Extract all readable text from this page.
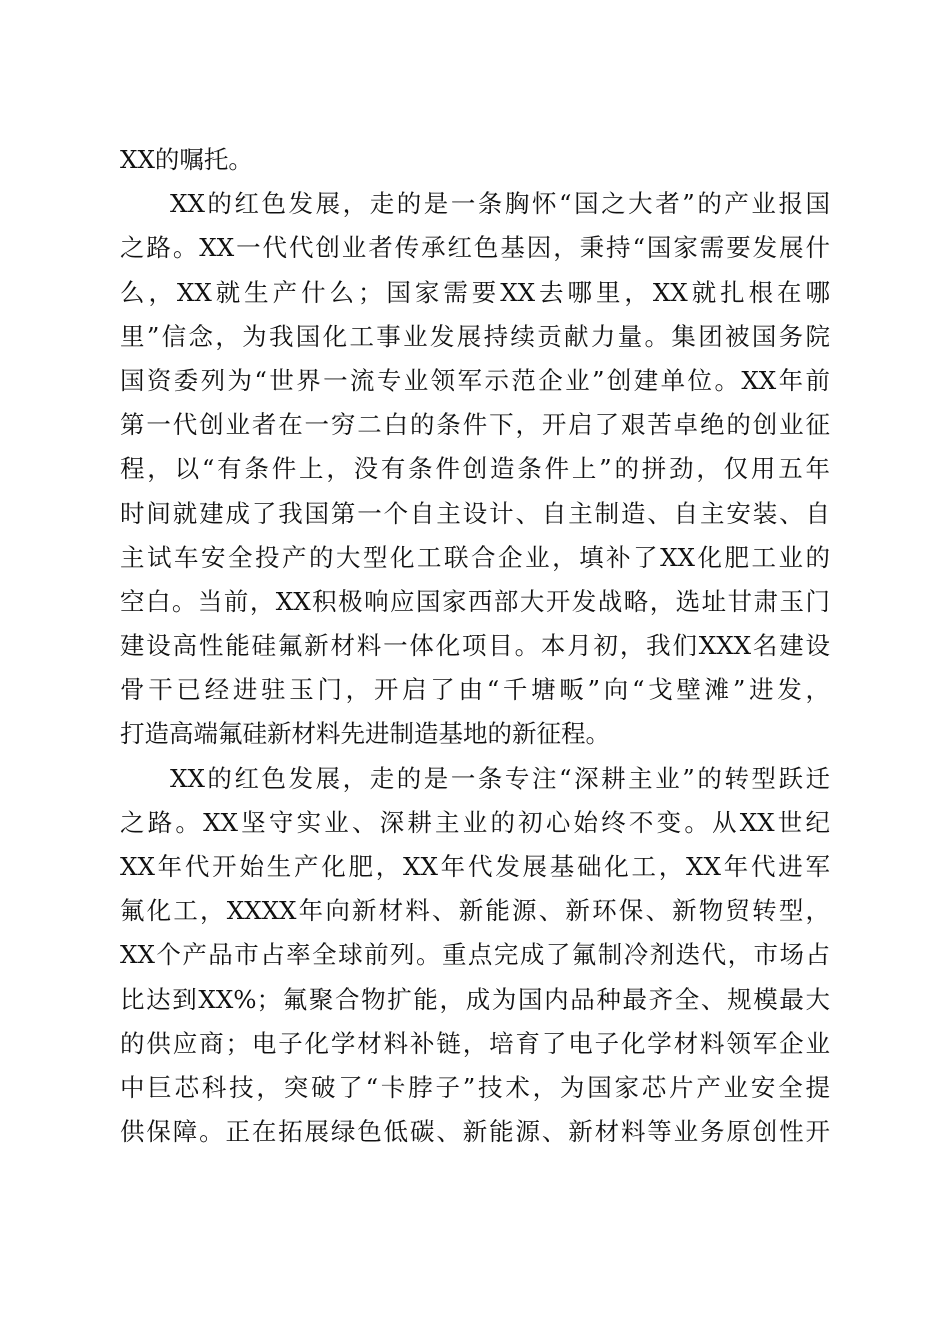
XX的嘱托。
XX的红色发展，走的是一条胸怀“国之大者”的产业报国
之路。XX一代代创业者传承红色基因，秉持“国家需要发展什
么，XX就生产什么；国家需要XX去哪里，XX就扎根在哪
里”信念，为我国化工事业发展持续贡献力量。集团被国务院
国资委列为“世界一流专业领军示范企业”创建单位。XX年前
第一代创业者在一穷二白的条件下，开启了艰苦卓绝的创业征
程，以“有条件上，没有条件创造条件上”的拼劲，仅用五年
时间就建成了我国第一个自主设计、自主制造、自主安装、自
主试车安全投产的大型化工联合企业，填补了XX化肥工业的
空白。当前，XX积极响应国家西部大开发战略，选址甘肃玉门
建设高性能硅氟新材料一体化项目。本月初，我们XXX名建设
骨干已经进驻玉门，开启了由“千塘畈”向“戈壁滩”进发，
打造高端氟硅新材料先进制造基地的新征程。
XX的红色发展，走的是一条专注“深耕主业”的转型跃迁
之路。XX坚守实业、深耕主业的初心始终不变。从XX世纪
XX年代开始生产化肥，XX年代发展基础化工，XX年代进军
氟化工，XXXX年向新材料、新能源、新环保、新物贸转型，
XX个产品市占率全球前列。重点完成了氟制冷剂迭代，市场占
比达到XX%；氟聚合物扩能，成为国内品种最齐全、规模最大
的供应商；电子化学材料补链，培育了电子化学材料领军企业
中巨芯科技，突破了“卡脖子”技术，为国家芯片产业安全提
供保障。正在拓展绿色低碳、新能源、新材料等业务原创性开
